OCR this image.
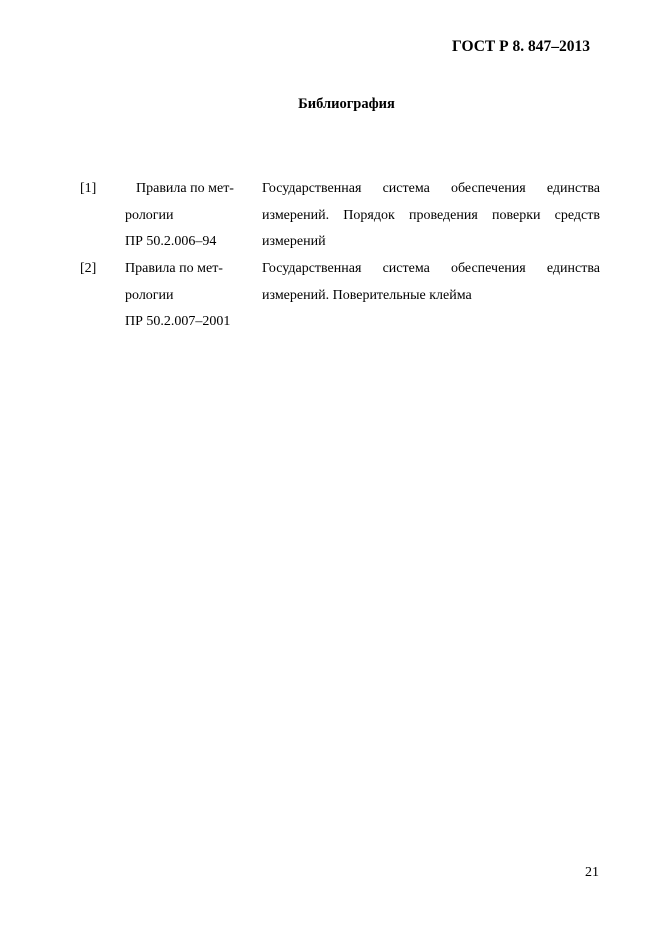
ГОСТ Р 8. 847–2013
Библиография
[1]	Правила по мет-
рологии
ПР 50.2.006–94
Государственная система обеспечения единства
измерений. Порядок проведения поверки средств
измерений
[2] Правила по мет-
рологии
ПР 50.2.007–2001
Государственная система обеспечения единства
измерений. Поверительные клейма
21
